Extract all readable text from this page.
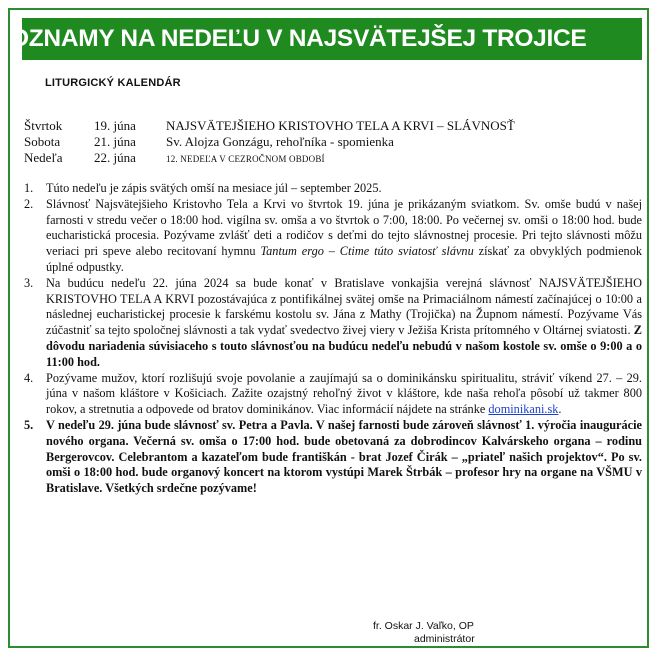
OZNAMY NA NEDEĽU V NAJSVÄTEJŠEJ TROJICE
LITURGICKÝ KALENDÁR
Štvrtok 19. júna NAJSVÄTEJŠIEHO KRISTOVHO TELA A KRVI – SLÁVNOSŤ
Sobota	21. júna Sv. Alojza Gonzágu, rehoľníka - spomienka
Nedeľa 22. júna	12. NEDEĽA V CEZROČNOM OBDOBÍ
1. Túto nedeľu je zápis svätých omší na mesiace júl – september 2025.
2. Slávnosť Najsvätejšieho Kristovho Tela a Krvi vo štvrtok 19. júna je prikázaným sviatkom. Sv. omše budú v našej farnosti v stredu večer o 18:00 hod. vigílna sv. omša a vo štvrtok o 7:00, 18:00. Po večernej sv. omši o 18:00 hod. bude eucharistická procesia. Pozývame zvlášť deti a rodičov s deťmi do tejto slávnostnej procesie. Pri tejto slávnosti môžu veriaci pri speve alebo recitovaní hymnu Tantum ergo – Ctime túto sviatosť slávnu získať za obvyklých podmienok úplné odpustky.
3. Na budúcu nedeľu 22. júna 2024 sa bude konať v Bratislave vonkajšia verejná slávnosť NAJSVÄTEJŠIEHO KRISTOVHO TELA A KRVI pozostávajúca z pontifikálnej svätej omše na Primaciálnom námestí začínajúcej o 10:00 a následnej eucharistickej procesie k farskému kostolu sv. Jána z Mathy (Trojička) na Župnom námestí. Pozývame Vás zúčastniť sa tejto spoločnej slávnosti a tak vydať svedectvo živej viery v Ježiša Krista prítomného v Oltárnej sviatosti. Z dôvodu nariadenia súvisiaceho s touto slávnosťou na budúcu nedeľu nebudú v našom kostole sv. omše o 9:00 a o 11:00 hod.
4. Pozývame mužov, ktorí rozlišujú svoje povolanie a zaujímajú sa o dominikánsku spiritualitu, stráviť víkend 27. – 29. júna v našom kláštore v Košiciach. Zažite ozajstný rehoľný život v kláštore, kde naša rehoľa pôsobí už takmer 800 rokov, a stretnutia a odpovede od bratov dominikánov. Viac informácií nájdete na stránke dominikani.sk.
5. V nedeľu 29. júna bude slávnosť sv. Petra a Pavla. V našej farnosti bude zároveň slávnosť 1. výročia inaugurácie nového organa. Večerná sv. omša o 17:00 hod. bude obetovaná za dobrodincov Kalvárskeho organa – rodinu Bergerovcov. Celebrantom a kazateľom bude františkán - brat Jozef Čirák – „priateľ našich projektov“. Po sv. omši o 18:00 hod. bude organový koncert na ktorom vystúpi Marek Štrbák – profesor hry na organe na VŠMU v Bratislave. Všetkých srdečne pozývame!
fr. Oskar J. Vaľko, OP
administrátor
